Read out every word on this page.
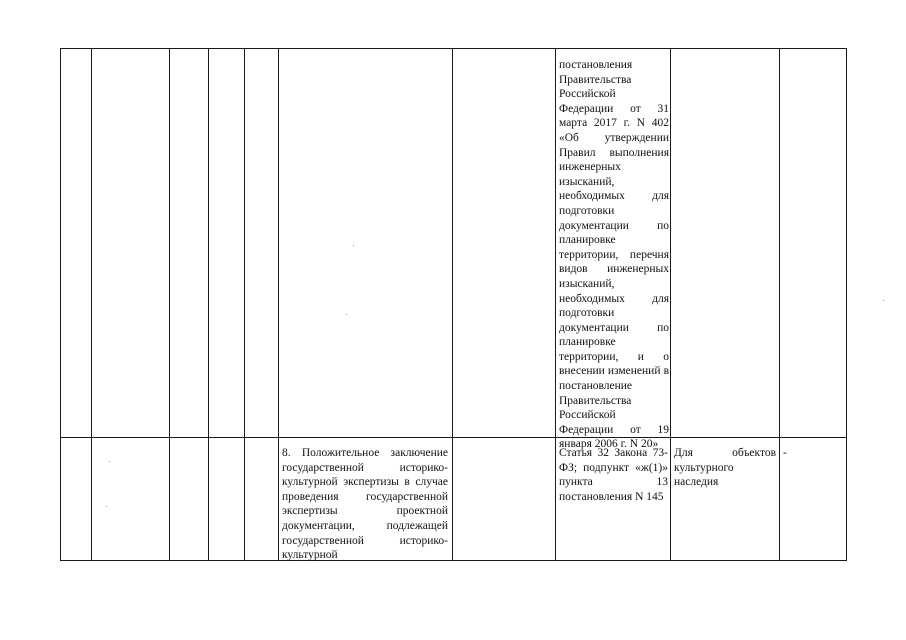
постановления Правительства Российской Федерации от 31 марта 2017 г. N 402 «Об утверждении Правил выполнения инженерных изысканий, необходимых для подготовки документации по планировке территории, перечня видов инженерных изысканий, необходимых для подготовки документации по планировке территории, и о внесении изменений в постановление Правительства Российской Федерации от 19 января 2006 г. N 20»

8. Положительное заключение государственной историко-культурной экспертизы в случае проведения государственной экспертизы проектной документации, подлежащей государственной историко-культурной

Статья 32 Закона 73-ФЗ; подпункт «ж(1)» пункта 13 постановления N 145

Для объектов культурного наследия

-
